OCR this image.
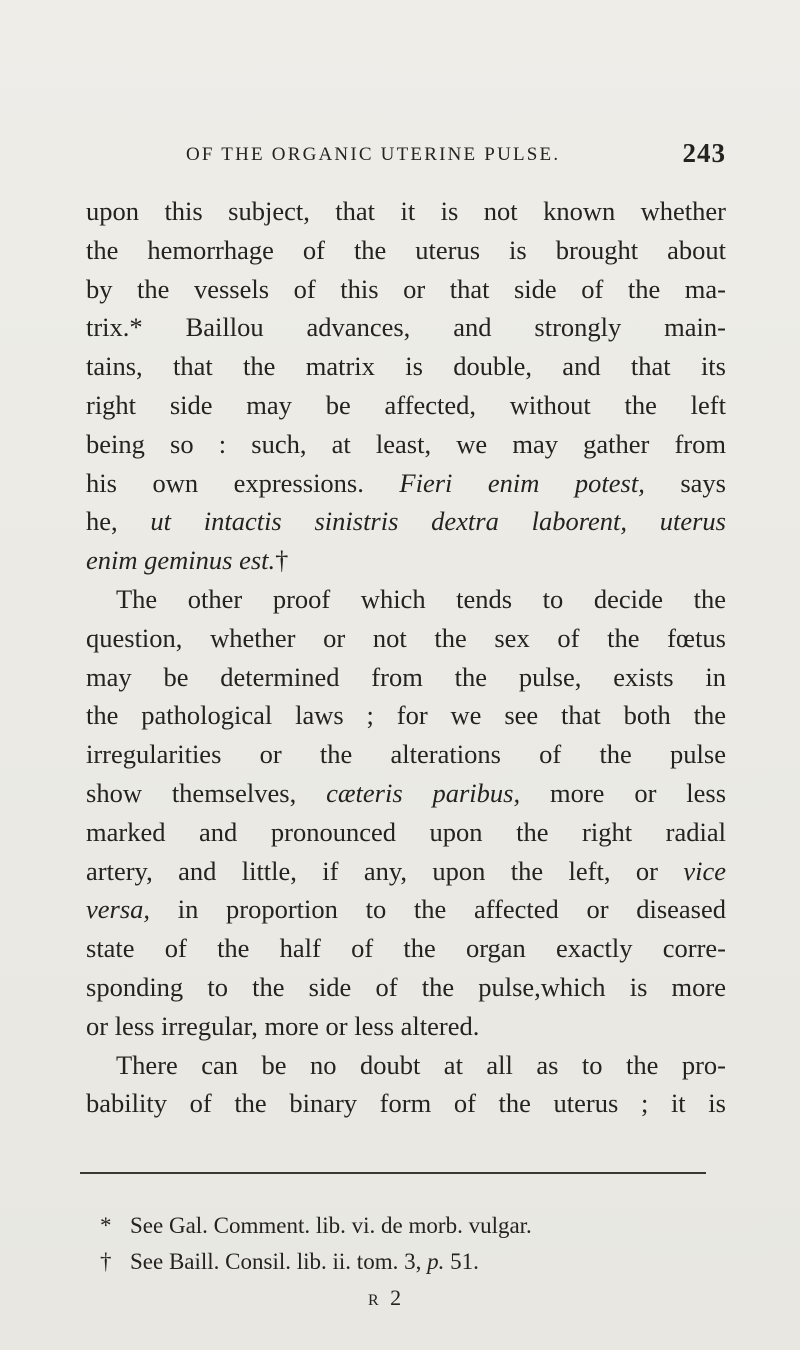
OF THE ORGANIC UTERINE PULSE.	243
upon this subject, that it is not known whether
the hemorrhage of the uterus is brought about
by the vessels of this or that side of the ma-
trix.* Baillou advances, and strongly main-
tains, that the matrix is double, and that its
right side may be affected, without the left
being so : such, at least, we may gather from
his own expressions. Fieri enim potest, says
he, ut intactis sinistris dextra laborent, uterus
enim geminus est.†
The other proof which tends to decide the
question, whether or not the sex of the fœtus
may be determined from the pulse, exists in
the pathological laws ; for we see that both the
irregularities or the alterations of the pulse
show themselves, cæteris paribus, more or less
marked and pronounced upon the right radial
artery, and little, if any, upon the left, or vice
versa, in proportion to the affected or diseased
state of the half of the organ exactly corre-
sponding to the side of the pulse,which is more
or less irregular, more or less altered.
There can be no doubt at all as to the pro-
bability of the binary form of the uterus ; it is
* See Gal. Comment. lib. vi. de morb. vulgar.
† See Baill. Consil. lib. ii. tom. 3, p. 51.
R 2
